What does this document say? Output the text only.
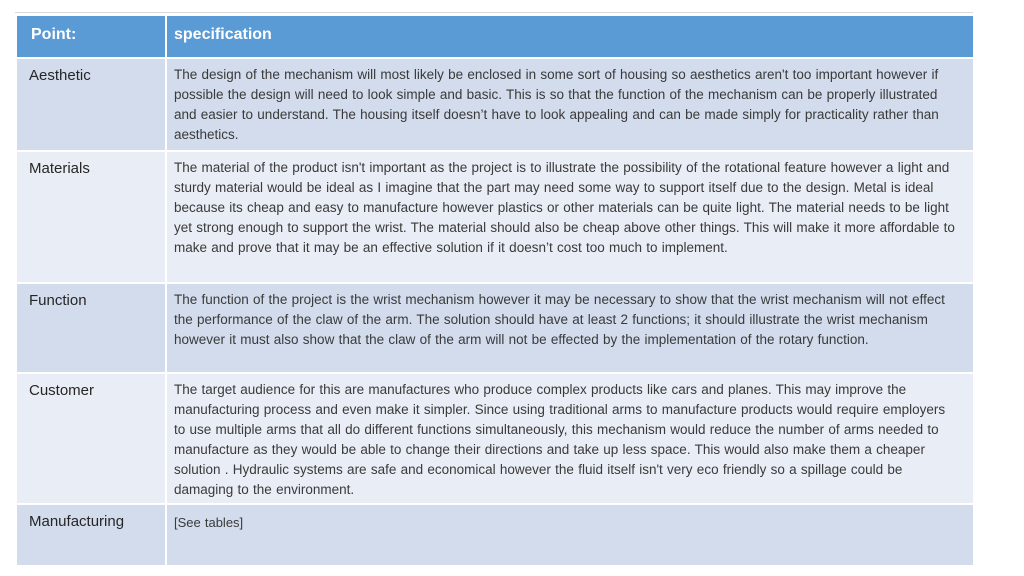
Point:	specification
Aesthetic	The design of the mechanism will most likely be enclosed in some sort of housing so aesthetics aren't too important however if possible the design will need to look simple and basic. This is so that the function of the mechanism can be properly illustrated and easier to understand. The housing itself doesn’t have to look appealing and can be made simply for practicality rather than aesthetics.
Materials	The material of the product isn't important as the project is to illustrate the possibility of the rotational feature however a light and sturdy material would be ideal as I imagine that the part may need some way to support itself due to the design. Metal is ideal because its cheap and easy to manufacture however plastics or other materials can be quite light. The material needs to be light yet strong enough to support the wrist. The material should also be cheap above other things. This will make it more affordable to make and prove that it may be an effective solution if it doesn’t cost too much to implement.
Function	The function of the project is the wrist mechanism however it may be necessary to show that the wrist mechanism will not effect the performance of the claw of the arm. The solution should have at least 2 functions; it should illustrate the wrist mechanism however it must also show that the claw of the arm will not be effected by the implementation of the rotary function.
Customer	The target audience for this are manufactures who produce complex products like cars and planes. This may improve the manufacturing process and even make it simpler. Since using traditional arms to manufacture products would require employers to use multiple arms that all do different functions simultaneously, this mechanism would reduce the number of arms needed to manufacture as they would be able to change their directions and take up less space. This would also make them a cheaper solution . Hydraulic systems are safe and economical however the fluid itself isn't very eco friendly so a spillage could be damaging to the environment.
Manufacturing	[See tables]
